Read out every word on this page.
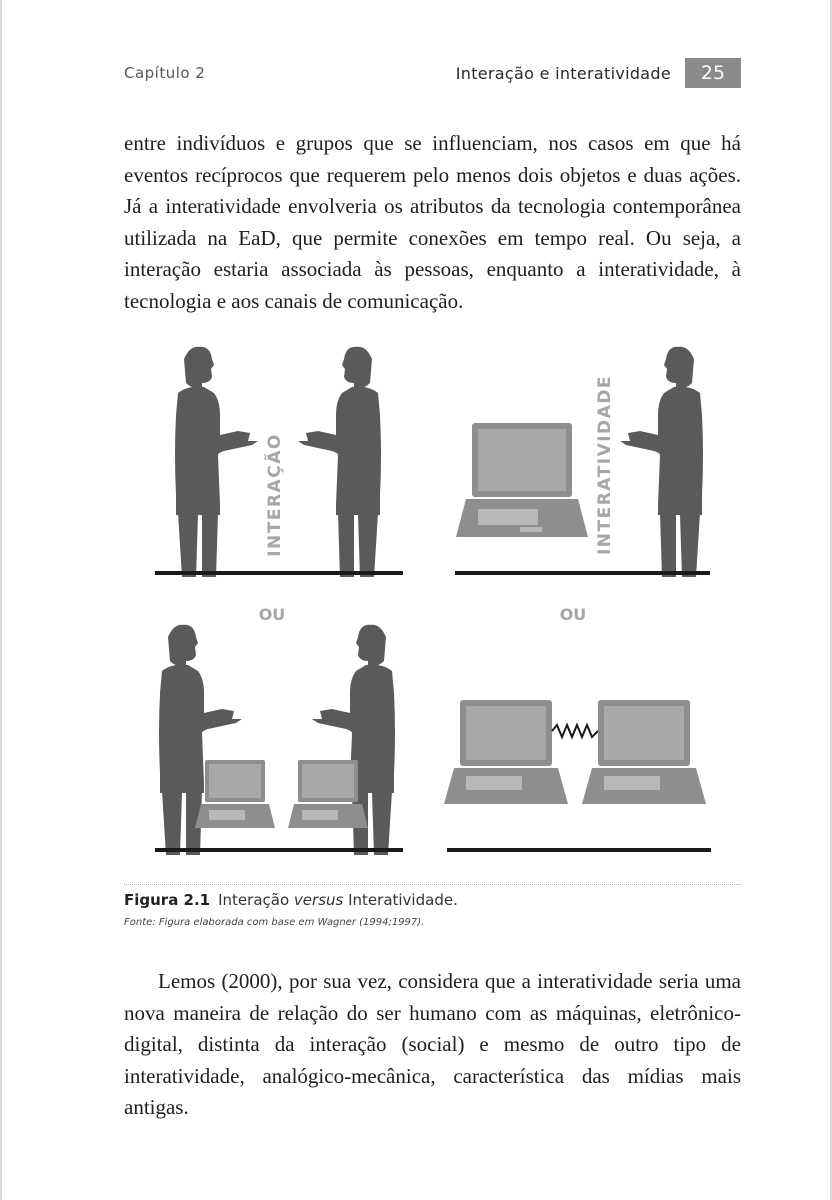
Capítulo 2	Interação e interatividade	25

entre indivíduos e grupos que se influenciam, nos casos em que há eventos recíprocos que requerem pelo menos dois objetos e duas ações. Já a interatividade envolveria os atributos da tecnologia contemporânea utilizada na EaD, que permite conexões em tempo real. Ou seja, a interação estaria associada às pessoas, enquanto a interatividade, à tecnologia e aos canais de comunicação.

INTERAÇÃO	INTERATIVIDADE
OU	OU
Figura 2.1 Interação versus Interatividade.
Fonte: Figura elaborada com base em Wagner (1994;1997).

Lemos (2000), por sua vez, considera que a interatividade seria uma nova maneira de relação do ser humano com as máquinas, eletrônico-digital, distinta da interação (social) e mesmo de outro tipo de interatividade, analógico-mecânica, característica das mídias mais antigas.
